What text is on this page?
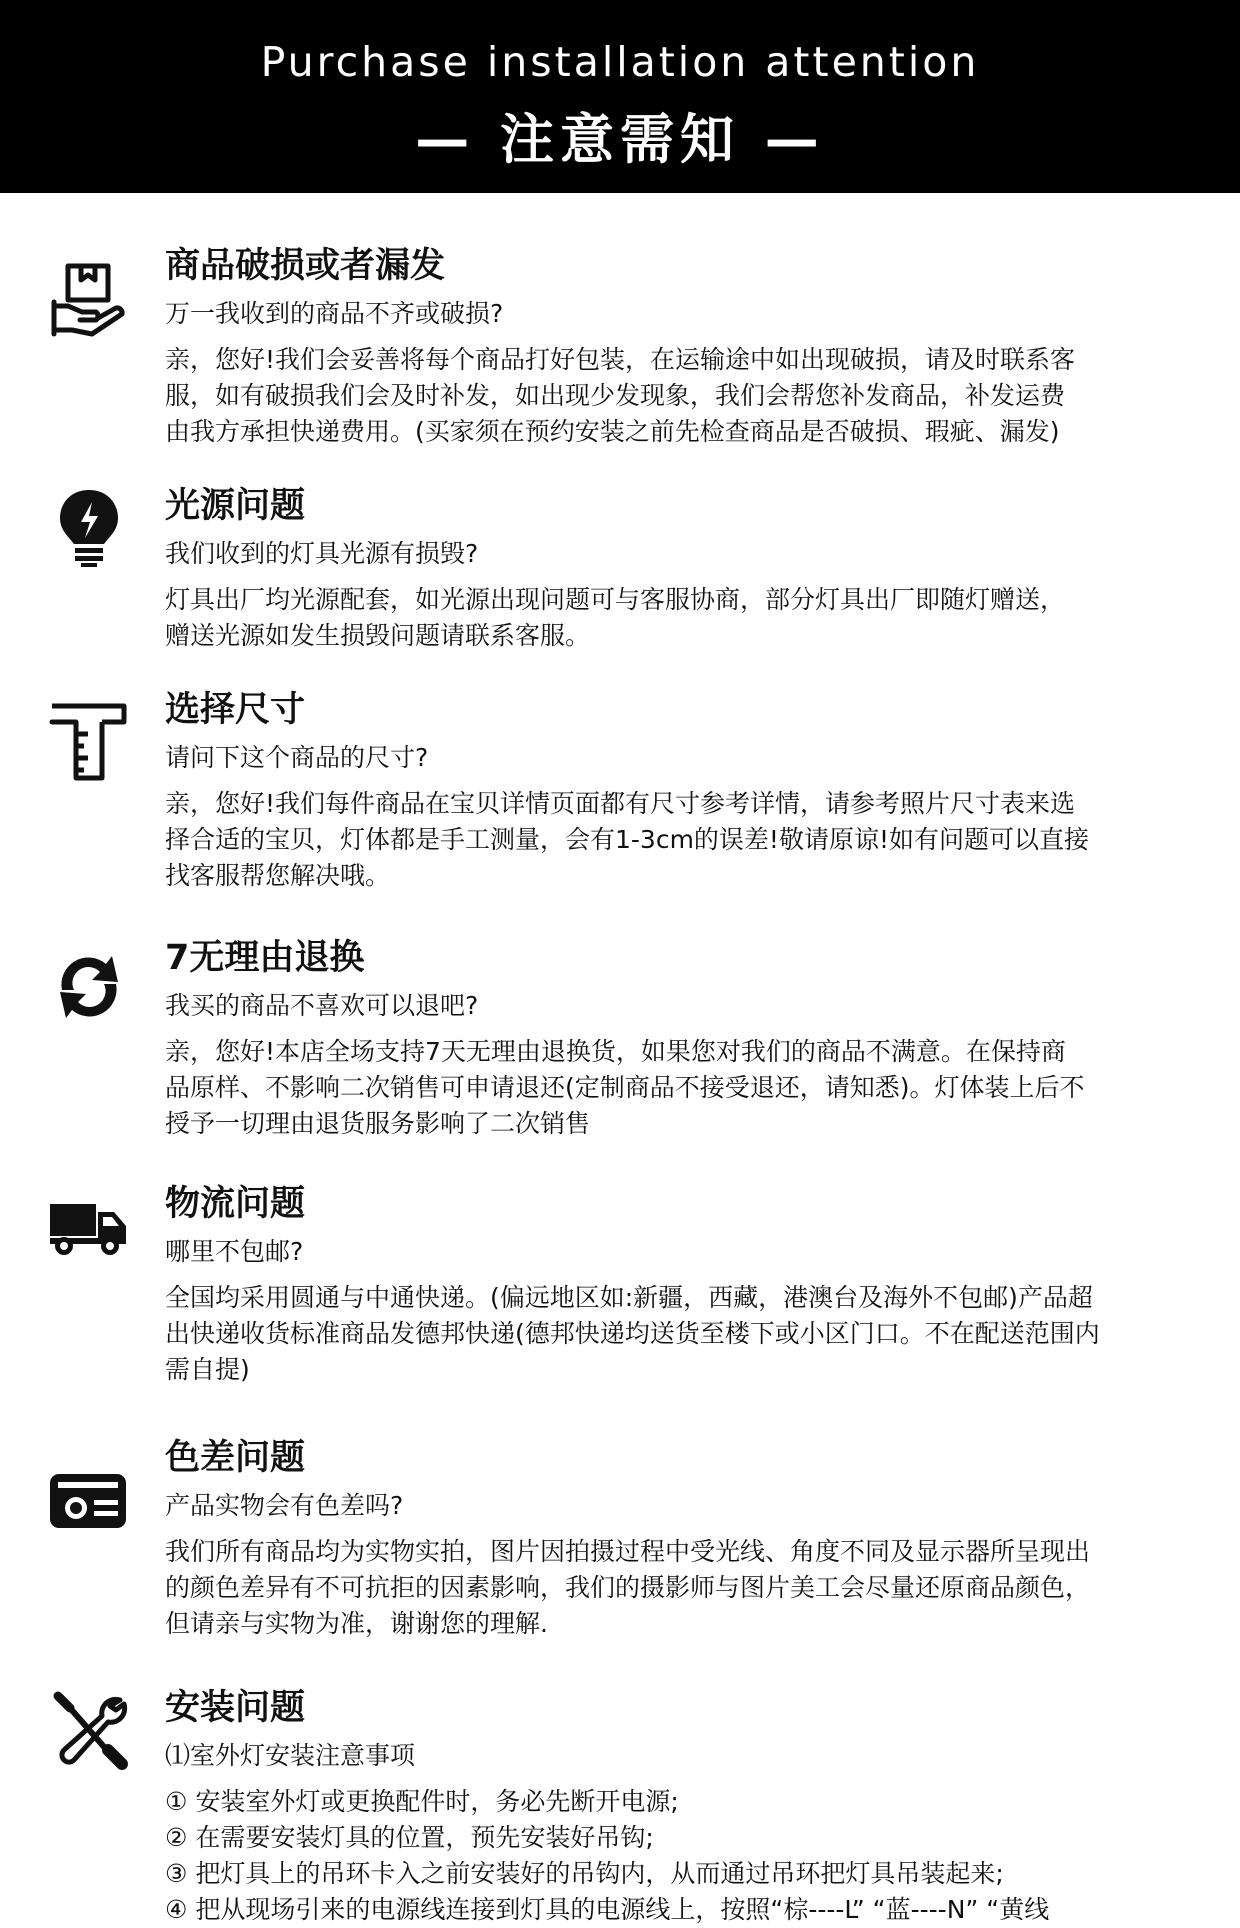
Purchase installation attention
— 注意需知 —
商品破损或者漏发
万一我收到的商品不齐或破损?
亲，您好!我们会妥善将每个商品打好包装，在运输途中如出现破损，请及时联系客
服，如有破损我们会及时补发，如出现少发现象，我们会帮您补发商品，补发运费
由我方承担快递费用。(买家须在预约安装之前先检查商品是否破损、瑕疵、漏发)
光源问题
我们收到的灯具光源有损毁?
灯具出厂均光源配套，如光源出现问题可与客服协商，部分灯具出厂即随灯赠送，
赠送光源如发生损毁问题请联系客服。
选择尺寸
请问下这个商品的尺寸?
亲，您好!我们每件商品在宝贝详情页面都有尺寸参考详情，请参考照片尺寸表来选
择合适的宝贝，灯体都是手工测量，会有1-3cm的误差!敬请原谅!如有问题可以直接
找客服帮您解决哦。
7无理由退换
我买的商品不喜欢可以退吧?
亲，您好!本店全场支持7天无理由退换货，如果您对我们的商品不满意。在保持商
品原样、不影响二次销售可申请退还(定制商品不接受退还，请知悉)。灯体装上后不
授予一切理由退货服务影响了二次销售
物流问题
哪里不包邮?
全国均采用圆通与中通快递。(偏远地区如:新疆，西藏，港澳台及海外不包邮)产品超
出快递收货标准商品发德邦快递(德邦快递均送货至楼下或小区门口。不在配送范围内
需自提)
色差问题
产品实物会有色差吗?
我们所有商品均为实物实拍，图片因拍摄过程中受光线、角度不同及显示器所呈现出
的颜色差异有不可抗拒的因素影响，我们的摄影师与图片美工会尽量还原商品颜色，
但请亲与实物为准，谢谢您的理解.
安装问题
⑴室外灯安装注意事项
① 安装室外灯或更换配件时，务必先断开电源;
② 在需要安装灯具的位置，预先安装好吊钩;
③ 把灯具上的吊环卡入之前安装好的吊钩内，从而通过吊环把灯具吊装起来;
④ 把从现场引来的电源线连接到灯具的电源线上，按照“棕----L” “蓝----N” “黄线
